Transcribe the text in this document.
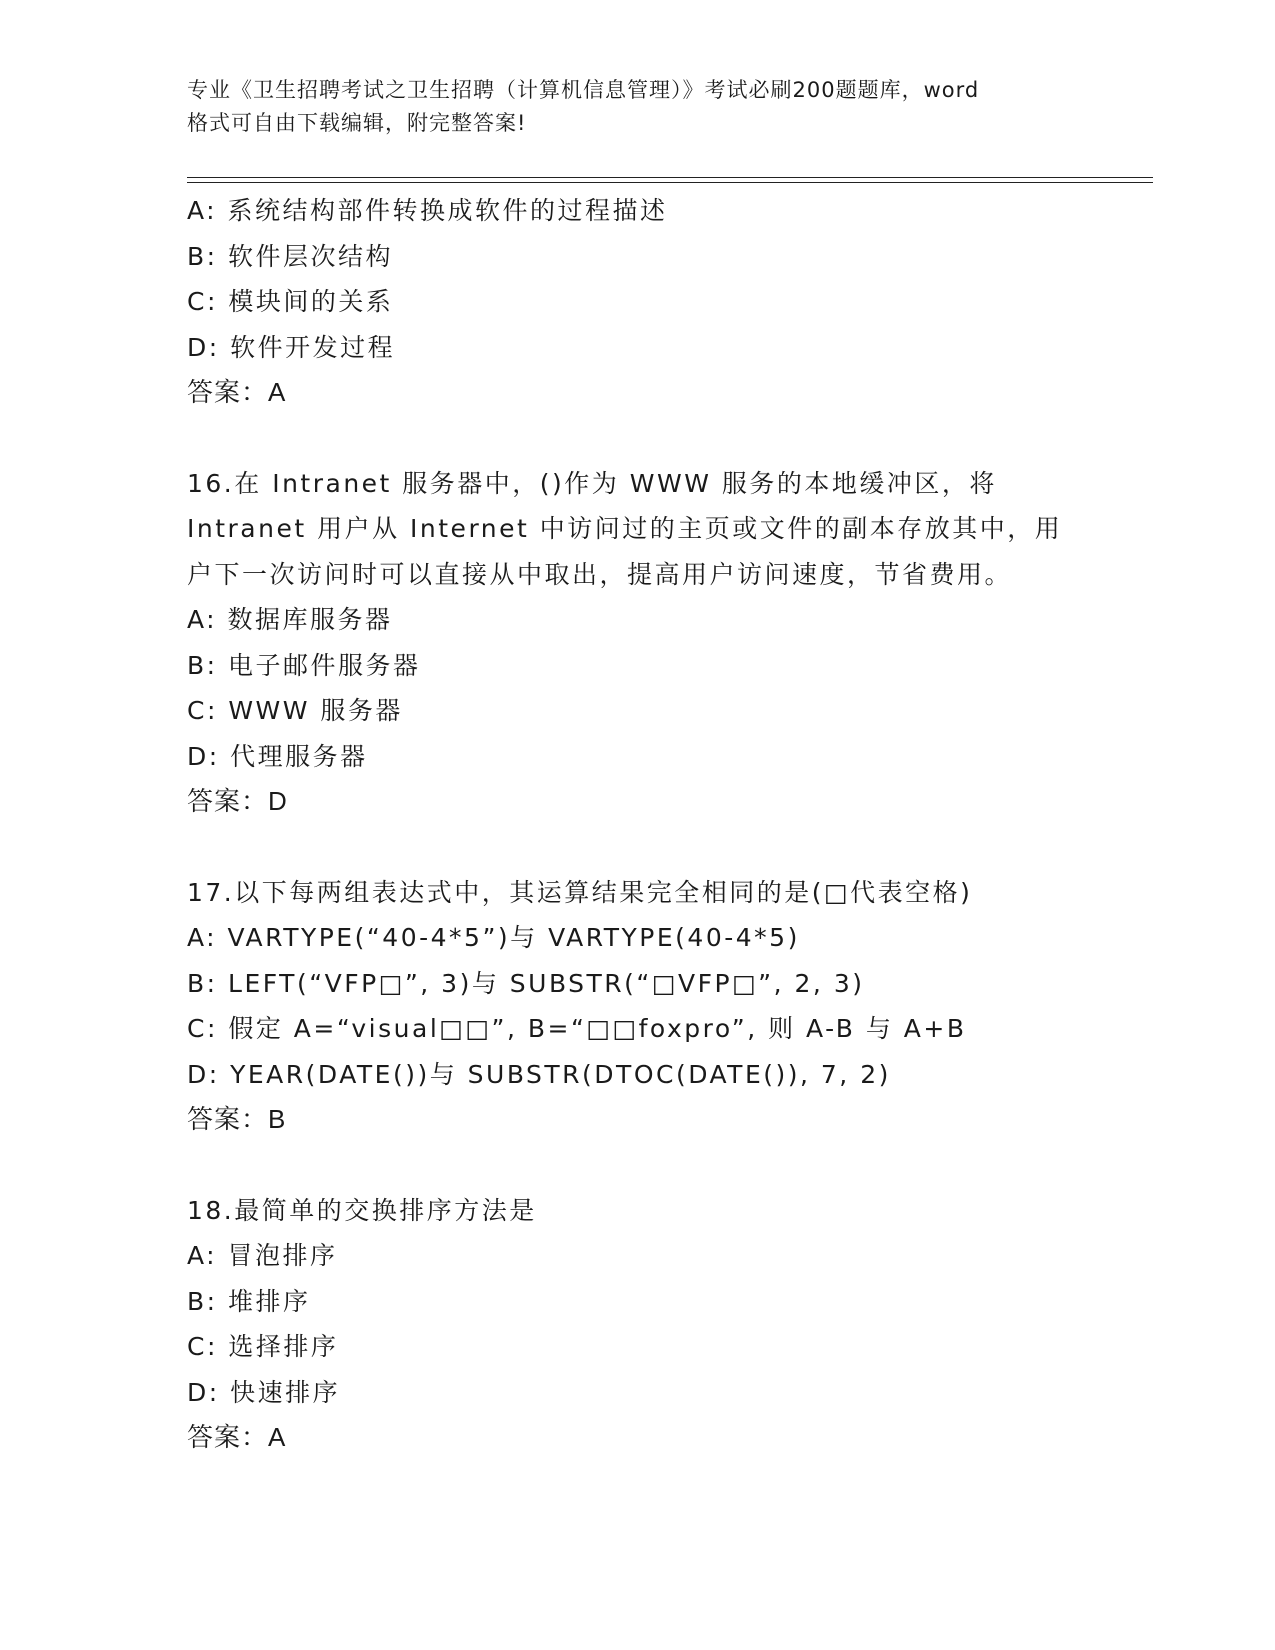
专业《卫生招聘考试之卫生招聘（计算机信息管理）》考试必刷200题题库，word
格式可自由下载编辑，附完整答案!
A: 系统结构部件转换成软件的过程描述
B: 软件层次结构
C: 模块间的关系
D: 软件开发过程
答案：A
16.在 Intranet 服务器中，()作为 WWW 服务的本地缓冲区，将
Intranet 用户从 Internet 中访问过的主页或文件的副本存放其中，用
户下一次访问时可以直接从中取出，提高用户访问速度，节省费用。
A: 数据库服务器
B: 电子邮件服务器
C: WWW 服务器
D: 代理服务器
答案：D
17.以下每两组表达式中，其运算结果完全相同的是(□代表空格)
A: VARTYPE(“40-4*5”)与 VARTYPE(40-4*5)
B: LEFT(“VFP□”, 3)与 SUBSTR(“□VFP□”, 2, 3)
C: 假定 A=“visual□□”, B=“□□foxpro”, 则 A-B 与 A+B
D: YEAR(DATE())与 SUBSTR(DTOC(DATE()), 7, 2)
答案：B
18.最简单的交换排序方法是
A: 冒泡排序
B: 堆排序
C: 选择排序
D: 快速排序
答案：A
